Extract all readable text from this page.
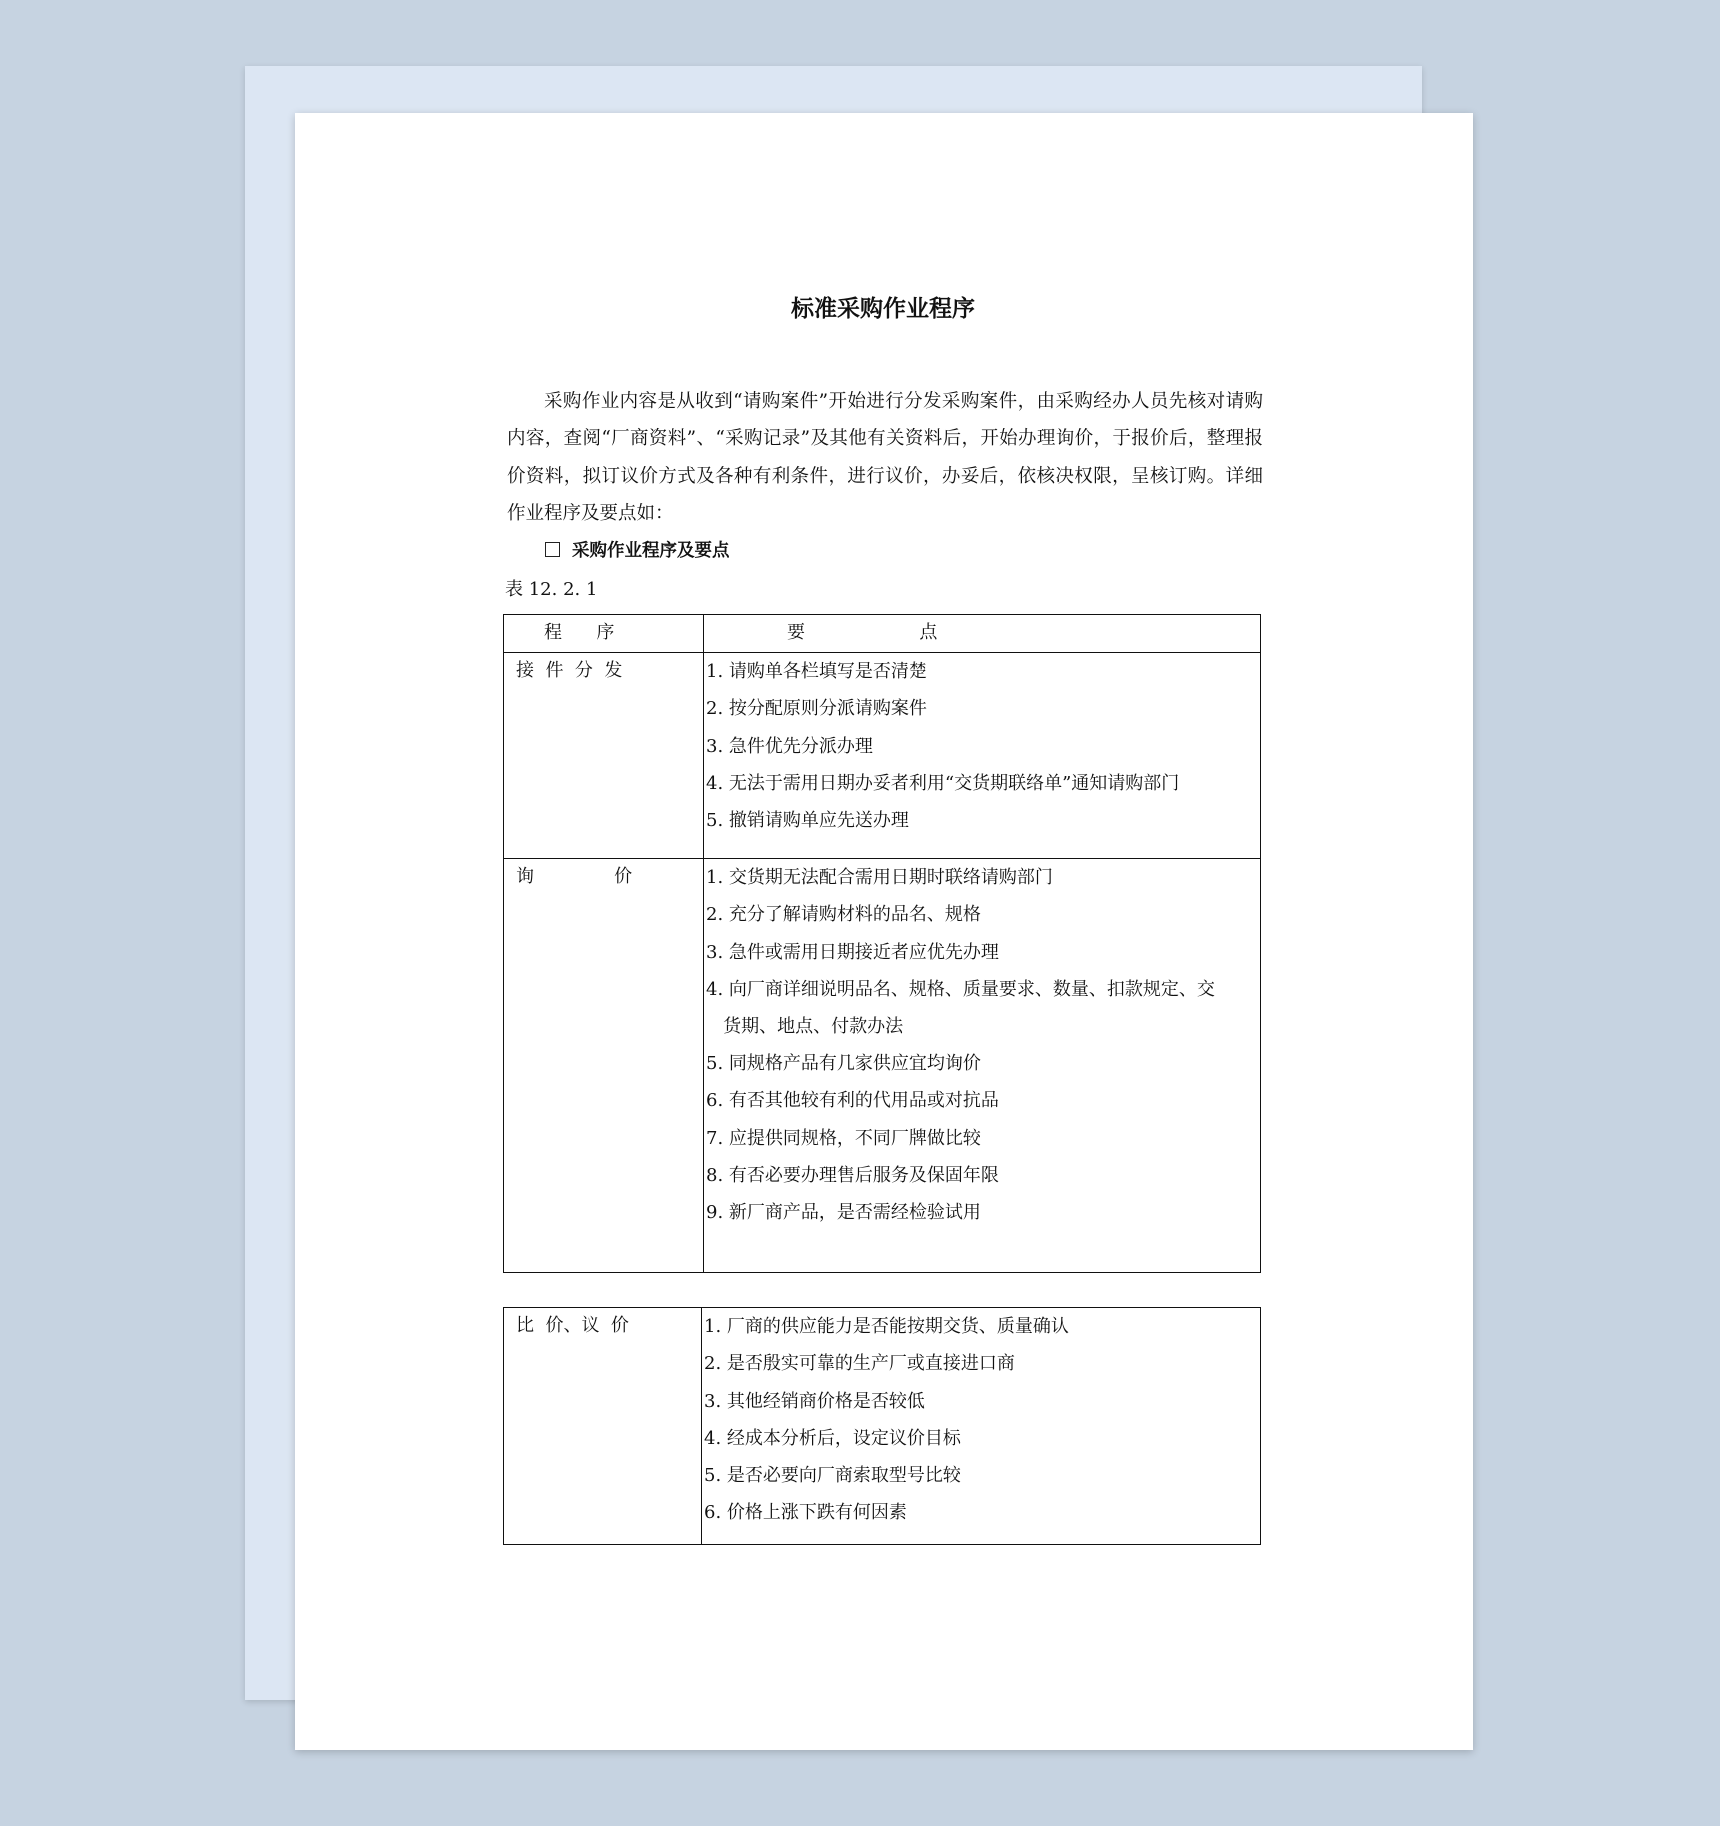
标准采购作业程序
采购作业内容是从收到“请购案件”开始进行分发采购案件，由采购经办人员先核对请购内容，查阅“厂商资料”、“采购记录”及其他有关资料后，开始办理询价，于报价后，整理报价资料，拟订议价方式及各种有利条件，进行议价，办妥后，依核决权限，呈核订购。详细作业程序及要点如：
采购作业程序及要点
表 12. 2. 1
程      序	要                    点
接  件  分  发	1. 请购单各栏填写是否清楚
2. 按分配原则分派请购案件
3. 急件优先分派办理
4. 无法于需用日期办妥者利用“交货期联络单”通知请购部门
5. 撤销请购单应先送办理
询              价	1. 交货期无法配合需用日期时联络请购部门
2. 充分了解请购材料的品名、规格
3. 急件或需用日期接近者应优先办理
4. 向厂商详细说明品名、规格、质量要求、数量、扣款规定、交
货期、地点、付款办法
5. 同规格产品有几家供应宜均询价
6. 有否其他较有利的代用品或对抗品
7. 应提供同规格，不同厂牌做比较
8. 有否必要办理售后服务及保固年限
9. 新厂商产品，是否需经检验试用
比  价、议  价	1. 厂商的供应能力是否能按期交货、质量确认
2. 是否殷实可靠的生产厂或直接进口商
3. 其他经销商价格是否较低
4. 经成本分析后，设定议价目标
5. 是否必要向厂商索取型号比较
6. 价格上涨下跌有何因素
